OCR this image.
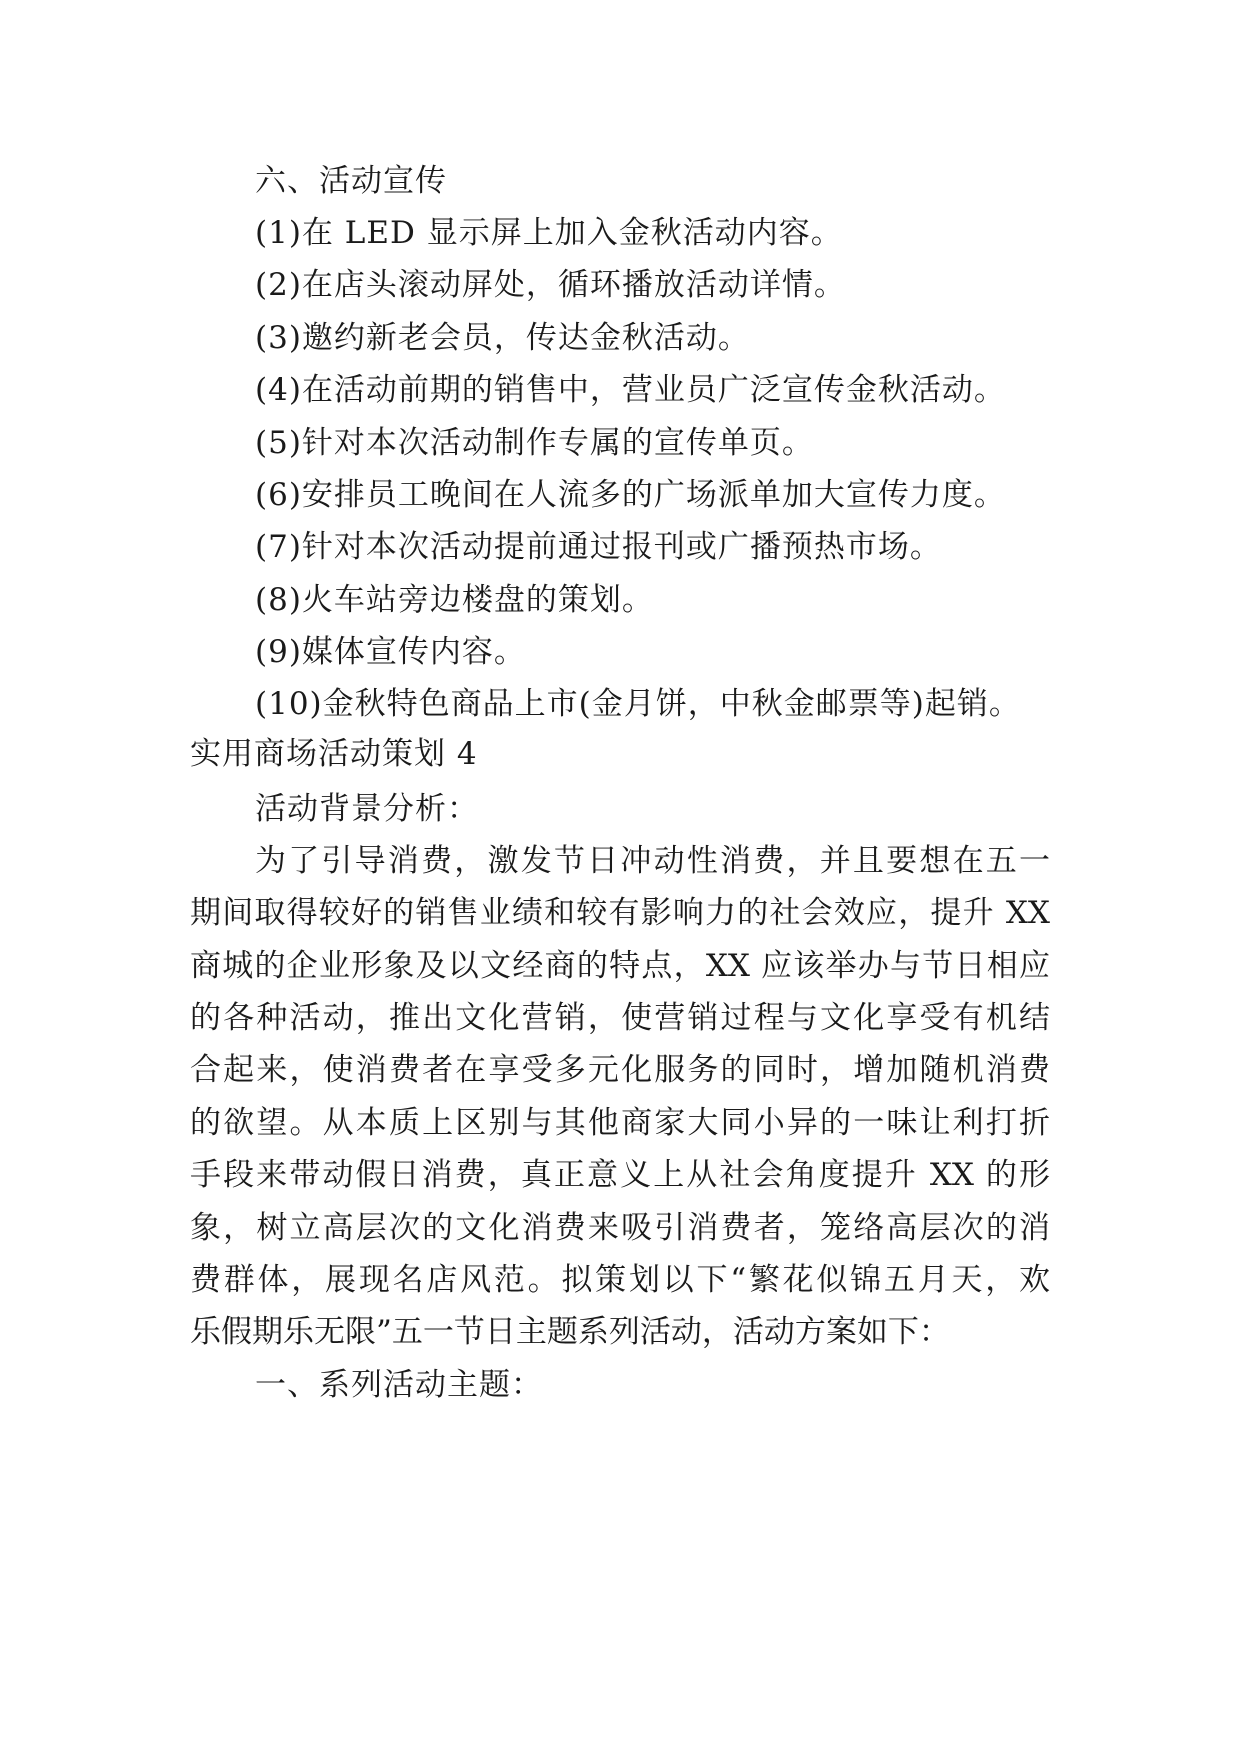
六、活动宣传
(1)在 LED 显示屏上加入金秋活动内容。
(2)在店头滚动屏处，循环播放活动详情。
(3)邀约新老会员，传达金秋活动。
(4)在活动前期的销售中，营业员广泛宣传金秋活动。
(5)针对本次活动制作专属的宣传单页。
(6)安排员工晚间在人流多的广场派单加大宣传力度。
(7)针对本次活动提前通过报刊或广播预热市场。
(8)火车站旁边楼盘的策划。
(9)媒体宣传内容。
(10)金秋特色商品上市(金月饼，中秋金邮票等)起销。
实用商场活动策划 4
活动背景分析：
为了引导消费，激发节日冲动性消费，并且要想在五一
期间取得较好的销售业绩和较有影响力的社会效应，提升 XX
商城的企业形象及以文经商的特点，XX 应该举办与节日相应
的各种活动，推出文化营销，使营销过程与文化享受有机结
合起来，使消费者在享受多元化服务的同时，增加随机消费
的欲望。从本质上区别与其他商家大同小异的一味让利打折
手段来带动假日消费，真正意义上从社会角度提升 XX 的形
象，树立高层次的文化消费来吸引消费者，笼络高层次的消
费群体，展现名店风范。拟策划以下“繁花似锦五月天，欢
乐假期乐无限”五一节日主题系列活动，活动方案如下：
一、系列活动主题：
